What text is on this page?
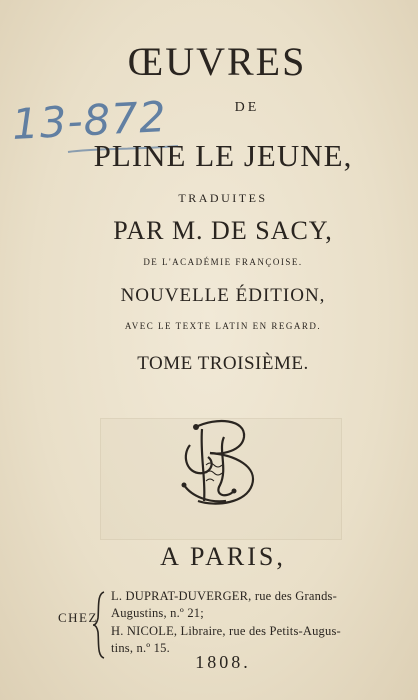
ŒUVRES
DE
13-872
PLINE LE JEUNE,
TRADUITES
PAR M. DE SACY,
DE L'ACADÉMIE FRANÇOISE.
NOUVELLE ÉDITION,
AVEC LE TEXTE LATIN EN REGARD.
TOME TROISIÈME.
A PARIS,
CHEZ
L. DUPRAT-DUVERGER, rue des Grands-
Augustins, n.º 21;
H. NICOLE, Libraire, rue des Petits-Augus-
tins, n.º 15.
1808.
